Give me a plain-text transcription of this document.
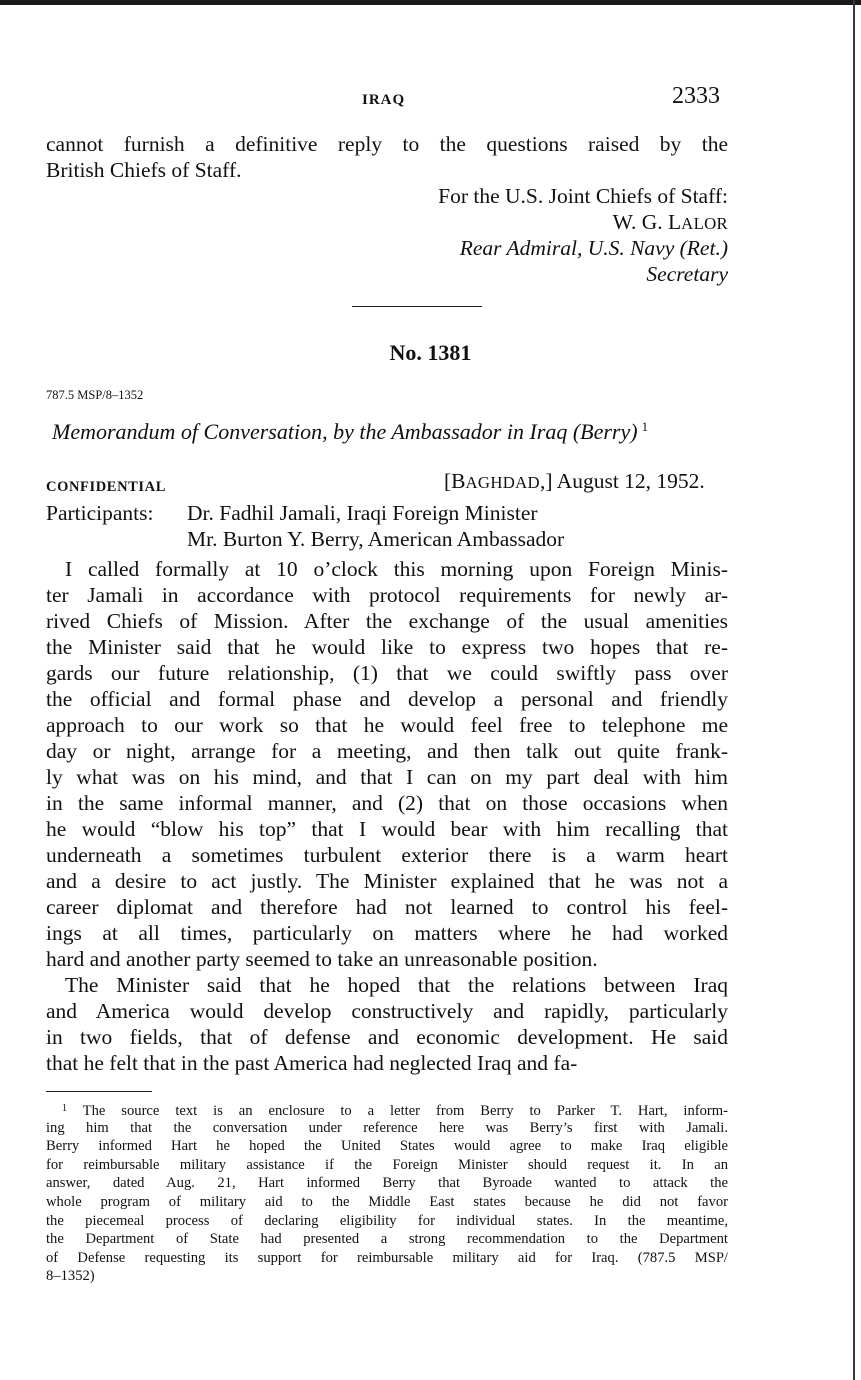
IRAQ	2333
cannot furnish a definitive reply to the questions raised by the
British Chiefs of Staff.
For the U.S. Joint Chiefs of Staff:
W. G. LALOR
Rear Admiral, U.S. Navy (Ret.)
Secretary
No. 1381
787.5 MSP/8–1352
Memorandum of Conversation, by the Ambassador in Iraq (Berry) $^1$
CONFIDENTIAL	[BAGHDAD,] August 12, 1952.
Participants: Dr. Fadhil Jamali, Iraqi Foreign Minister
Mr. Burton Y. Berry, American Ambassador
I called formally at 10 o’clock this morning upon Foreign Minis-
ter Jamali in accordance with protocol requirements for newly ar-
rived Chiefs of Mission. After the exchange of the usual amenities
the Minister said that he would like to express two hopes that re-
gards our future relationship, (1) that we could swiftly pass over
the official and formal phase and develop a personal and friendly
approach to our work so that he would feel free to telephone me
day or night, arrange for a meeting, and then talk out quite frank-
ly what was on his mind, and that I can on my part deal with him
in the same informal manner, and (2) that on those occasions when
he would “blow his top” that I would bear with him recalling that
underneath a sometimes turbulent exterior there is a warm heart
and a desire to act justly. The Minister explained that he was not a
career diplomat and therefore had not learned to control his feel-
ings at all times, particularly on matters where he had worked
hard and another party seemed to take an unreasonable position.
The Minister said that he hoped that the relations between Iraq
and America would develop constructively and rapidly, particularly
in two fields, that of defense and economic development. He said
that he felt that in the past America had neglected Iraq and fa-
$^1$ The source text is an enclosure to a letter from Berry to Parker T. Hart, inform-
ing him that the conversation under reference here was Berry’s first with Jamali.
Berry informed Hart he hoped the United States would agree to make Iraq eligible
for reimbursable military assistance if the Foreign Minister should request it. In an
answer, dated Aug. 21, Hart informed Berry that Byroade wanted to attack the
whole program of military aid to the Middle East states because he did not favor
the piecemeal process of declaring eligibility for individual states. In the meantime,
the Department of State had presented a strong recommendation to the Department
of Defense requesting its support for reimbursable military aid for Iraq. (787.5 MSP/
8–1352)
